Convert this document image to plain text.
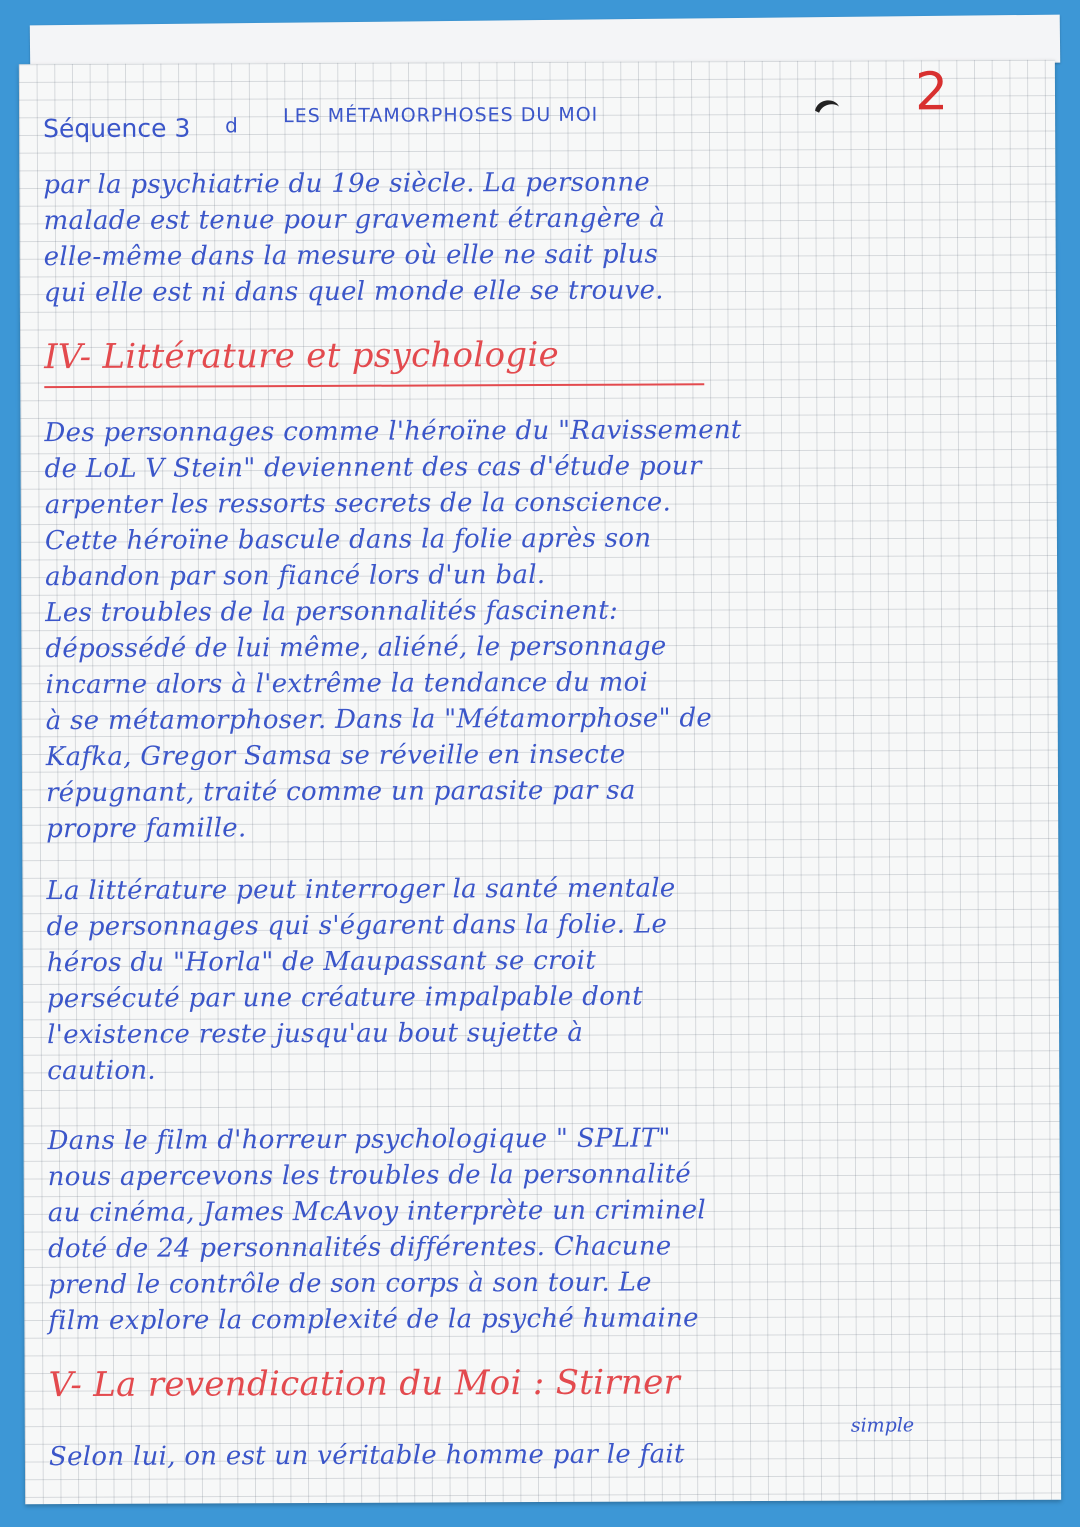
Séquence 3 d LES MÉTAMORPHOSES DU MOI	2

par la psychiatrie du 19e siècle. La personne

malade est tenue pour gravement étrangère à

elle-même dans la mesure où elle ne sait plus

qui elle est ni dans quel monde elle se trouve.

IV- Littérature et psychologie

Des personnages comme l'héroïne du "Ravissement

de LoL V Stein" deviennent des cas d'étude pour

arpenter les ressorts secrets de la conscience.

Cette héroïne bascule dans la folie après son

abandon par son fiancé lors d'un bal.

Les troubles de la personnalités fascinent:

dépossédé de lui même, aliéné, le personnage

incarne alors à l'extrême la tendance du moi

à se métamorphoser. Dans la "Métamorphose" de

Kafka, Gregor Samsa se réveille en insecte

répugnant, traité comme un parasite par sa

propre famille.

La littérature peut interroger la santé mentale

de personnages qui s'égarent dans la folie. Le

héros du "Horla" de Maupassant se croit

persécuté par une créature impalpable dont

l'existence reste jusqu'au bout sujette à

caution.

Dans le film d'horreur psychologique " SPLIT"

nous apercevons les troubles de la personnalité

au cinéma, James McAvoy interprète un criminel

doté de 24 personnalités différentes. Chacune

prend le contrôle de son corps à son tour. Le

film explore la complexité de la psyché humaine

V- La revendication du Moi : Stirner

simple

Selon lui, on est un véritable homme par le fait
